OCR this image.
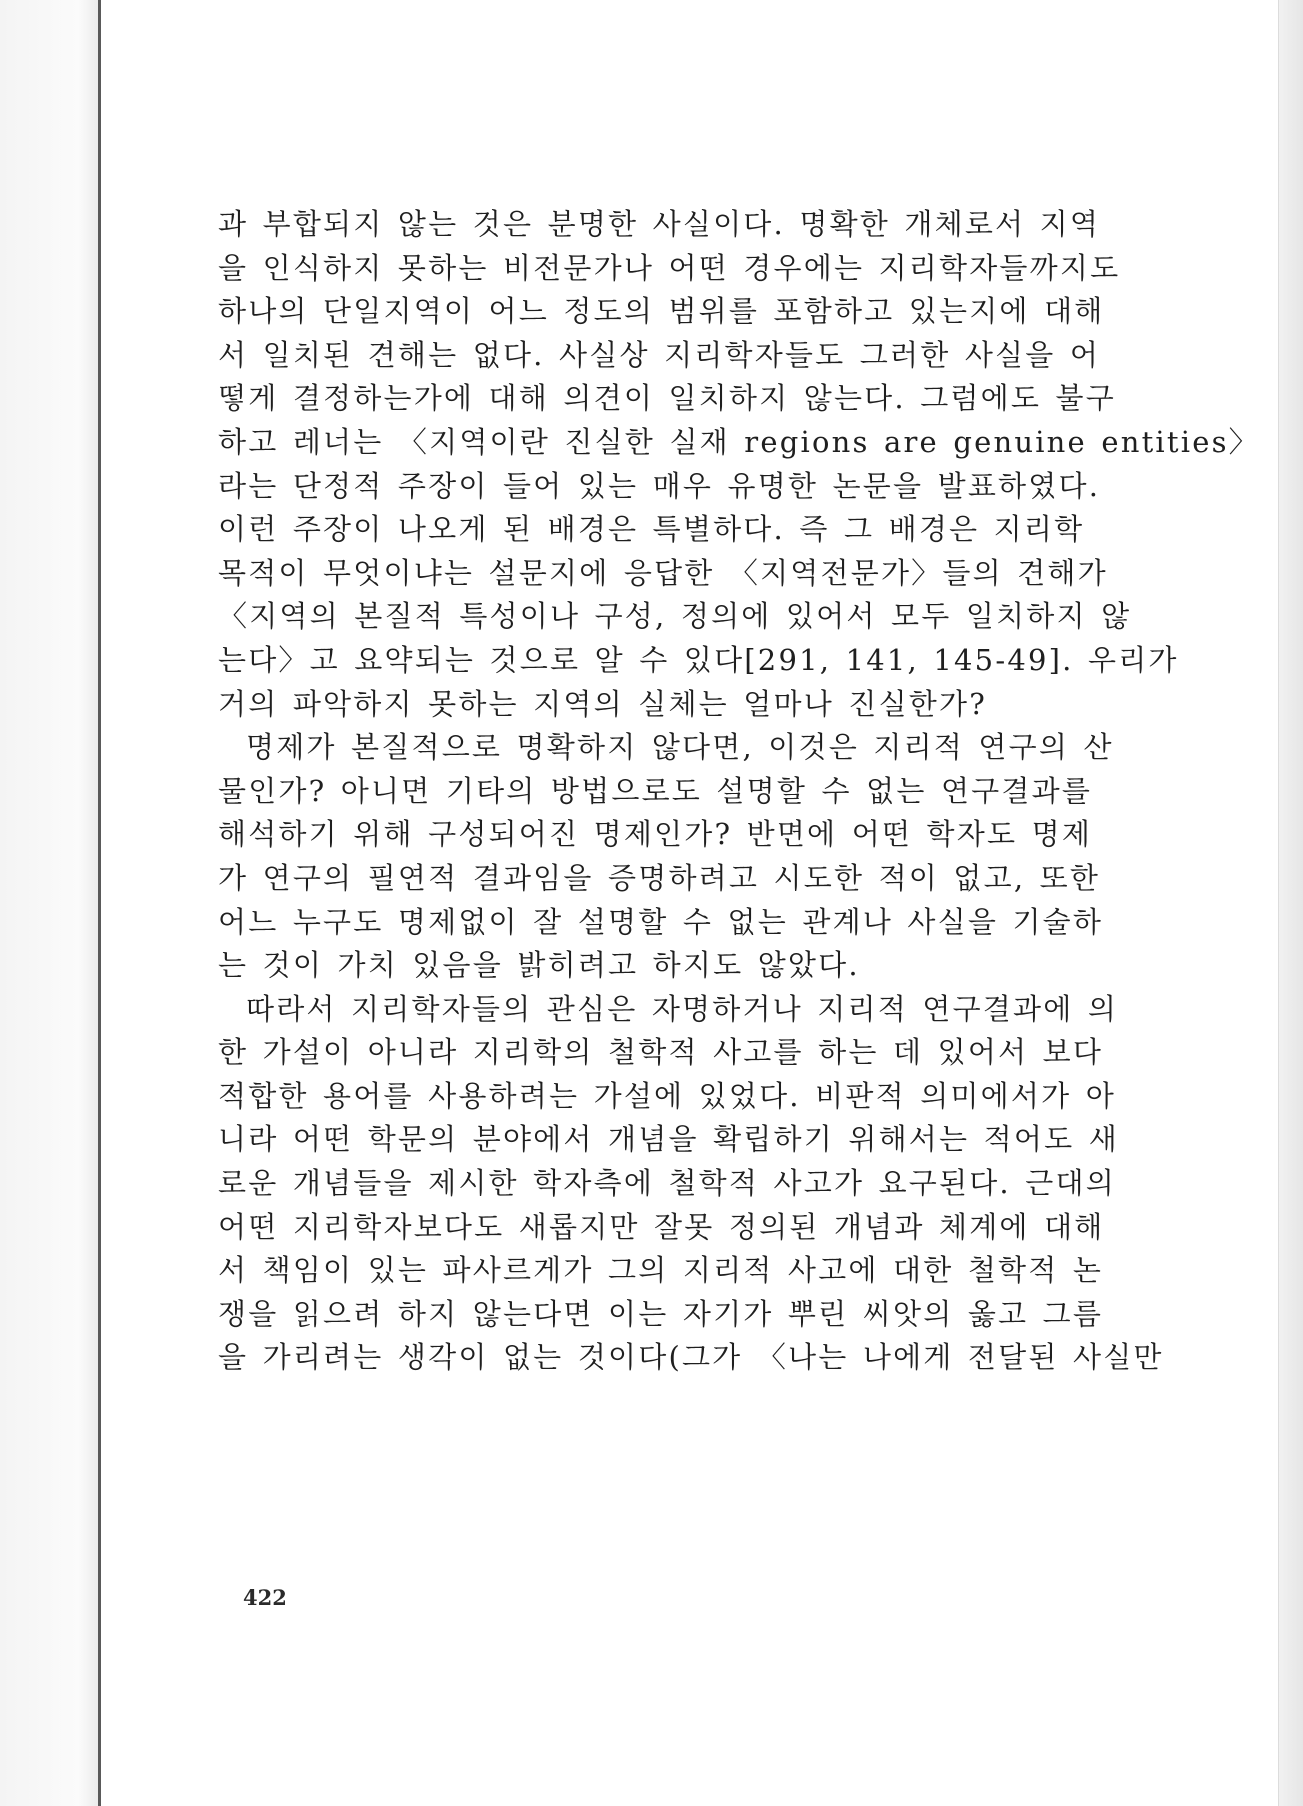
과 부합되지 않는 것은 분명한 사실이다. 명확한 개체로서 지역
을 인식하지 못하는 비전문가나 어떤 경우에는 지리학자들까지도
하나의 단일지역이 어느 정도의 범위를 포함하고 있는지에 대해
서 일치된 견해는 없다. 사실상 지리학자들도 그러한 사실을 어
떻게 결정하는가에 대해 의견이 일치하지 않는다. 그럼에도 불구
하고 레너는 〈지역이란 진실한 실재 regions are genuine entities〉
라는 단정적 주장이 들어 있는 매우 유명한 논문을 발표하였다.
이런 주장이 나오게 된 배경은 특별하다. 즉 그 배경은 지리학
목적이 무엇이냐는 설문지에 응답한 〈지역전문가〉들의 견해가
〈지역의 본질적 특성이나 구성, 정의에 있어서 모두 일치하지 않
는다〉고 요약되는 것으로 알 수 있다[291, 141, 145-49]. 우리가
거의 파악하지 못하는 지역의 실체는 얼마나 진실한가?
명제가 본질적으로 명확하지 않다면, 이것은 지리적 연구의 산
물인가? 아니면 기타의 방법으로도 설명할 수 없는 연구결과를
해석하기 위해 구성되어진 명제인가? 반면에 어떤 학자도 명제
가 연구의 필연적 결과임을 증명하려고 시도한 적이 없고, 또한
어느 누구도 명제없이 잘 설명할 수 없는 관계나 사실을 기술하
는 것이 가치 있음을 밝히려고 하지도 않았다.
따라서 지리학자들의 관심은 자명하거나 지리적 연구결과에 의
한 가설이 아니라 지리학의 철학적 사고를 하는 데 있어서 보다
적합한 용어를 사용하려는 가설에 있었다. 비판적 의미에서가 아
니라 어떤 학문의 분야에서 개념을 확립하기 위해서는 적어도 새
로운 개념들을 제시한 학자측에 철학적 사고가 요구된다. 근대의
어떤 지리학자보다도 새롭지만 잘못 정의된 개념과 체계에 대해
서 책임이 있는 파사르게가 그의 지리적 사고에 대한 철학적 논
쟁을 읽으려 하지 않는다면 이는 자기가 뿌린 씨앗의 옳고 그름
을 가리려는 생각이 없는 것이다(그가 〈나는 나에게 전달된 사실만
422
